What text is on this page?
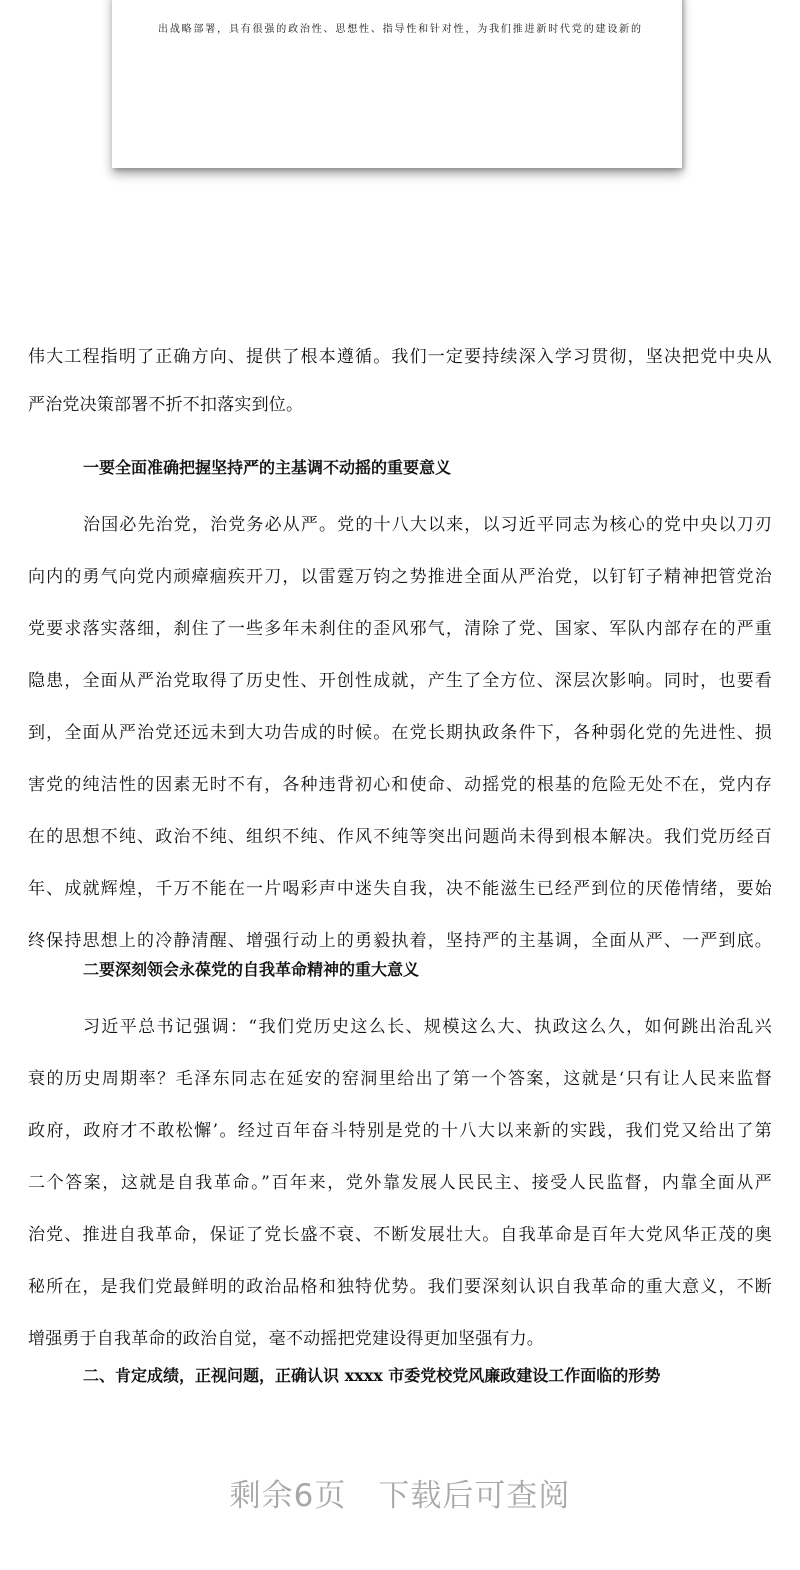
出战略部署，具有很强的政治性、思想性、指导性和针对性，为我们推进新时代党的建设新的
伟大工程指明了正确方向、提供了根本遵循。我们一定要持续深入学习贯彻，坚决把党中央从
严治党决策部署不折不扣落实到位。
一要全面准确把握坚持严的主基调不动摇的重要意义
治国必先治党，治党务必从严。党的十八大以来，以习近平同志为核心的党中央以刀刃
向内的勇气向党内顽瘴痼疾开刀，以雷霆万钧之势推进全面从严治党，以钉钉子精神把管党治
党要求落实落细，刹住了一些多年未刹住的歪风邪气，清除了党、国家、军队内部存在的严重
隐患，全面从严治党取得了历史性、开创性成就，产生了全方位、深层次影响。同时，也要看
到，全面从严治党还远未到大功告成的时候。在党长期执政条件下，各种弱化党的先进性、损
害党的纯洁性的因素无时不有，各种违背初心和使命、动摇党的根基的危险无处不在，党内存
在的思想不纯、政治不纯、组织不纯、作风不纯等突出问题尚未得到根本解决。我们党历经百
年、成就辉煌，千万不能在一片喝彩声中迷失自我，决不能滋生已经严到位的厌倦情绪，要始
终保持思想上的冷静清醒、增强行动上的勇毅执着，坚持严的主基调，全面从严、一严到底。
二要深刻领会永葆党的自我革命精神的重大意义
习近平总书记强调：“我们党历史这么长、规模这么大、执政这么久，如何跳出治乱兴
衰的历史周期率？毛泽东同志在延安的窑洞里给出了第一个答案，这就是‘只有让人民来监督
政府，政府才不敢松懈’。经过百年奋斗特别是党的十八大以来新的实践，我们党又给出了第
二个答案，这就是自我革命。”百年来，党外靠发展人民民主、接受人民监督，内靠全面从严
治党、推进自我革命，保证了党长盛不衰、不断发展壮大。自我革命是百年大党风华正茂的奥
秘所在，是我们党最鲜明的政治品格和独特优势。我们要深刻认识自我革命的重大意义，不断
增强勇于自我革命的政治自觉，毫不动摇把党建设得更加坚强有力。
二、肯定成绩，正视问题，正确认识 xxxx 市委党校党风廉政建设工作面临的形势
剩余6页 下载后可查阅
